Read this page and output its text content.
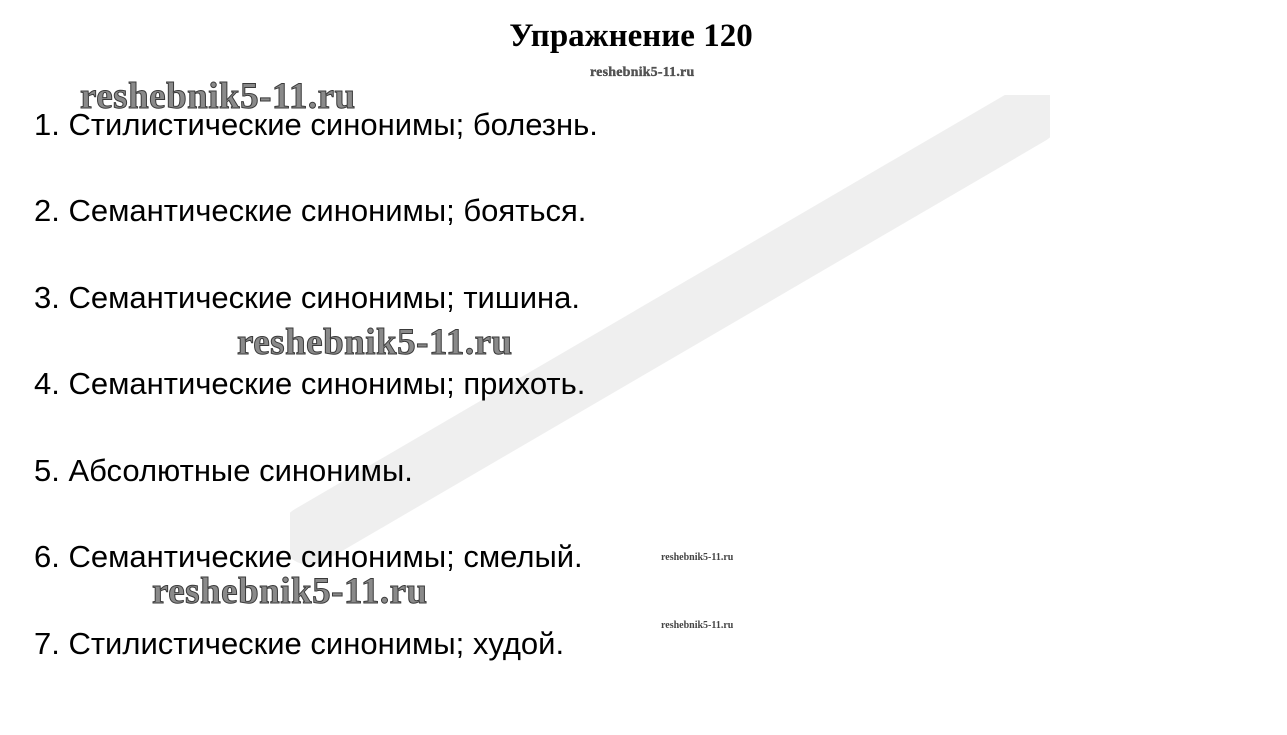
Упражнение 120
reshebnik5-11.ru
reshebnik5-11.ru
1. Стилистические синонимы; болезнь.
2. Семантические синонимы; бояться.
3. Семантические синонимы; тишина.
reshebnik5-11.ru
4. Семантические синонимы; прихоть.
5. Абсолютные синонимы.
6. Семантические синонимы; смелый.	reshebnik5-11.ru
reshebnik5-11.ru
reshebnik5-11.ru
7. Стилистические синонимы; худой.
